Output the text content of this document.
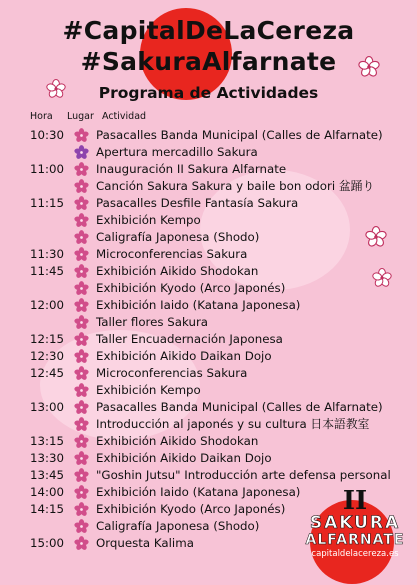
#CapitalDeLaCereza
#SakuraAlfarnate
Programa de Actividades
Hora Lugar Actividad
10:30	Pasacalles Banda Municipal (Calles de Alfarnate)
Apertura mercadillo Sakura
11:00	Inauguración II Sakura Alfarnate
Canción Sakura Sakura y baile bon odori 盆踊り
11:15	Pasacalles Desfile Fantasía Sakura
Exhibición Kempo
Caligrafía Japonesa (Shodo)
11:30	Microconferencias Sakura
11:45	Exhibición Aikido Shodokan
Exhibición Kyodo (Arco Japonés)
12:00	Exhibición Iaido (Katana Japonesa)
Taller flores Sakura
12:15	Taller Encuadernación Japonesa
12:30	Exhibición Aikido Daikan Dojo
12:45	Microconferencias Sakura
Exhibición Kempo
13:00	Pasacalles Banda Municipal (Calles de Alfarnate)
Introducción al japonés y su cultura 日本語教室
13:15	Exhibición Aikido Shodokan
13:30	Exhibición Aikido Daikan Dojo
13:45	"Goshin Jutsu" Introducción arte defensa personal
14:00	Exhibición Iaido (Katana Japonesa)
14:15	Exhibición Kyodo (Arco Japonés)
Caligrafía Japonesa (Shodo)
15:00	Orquesta Kalima
II
SAKURA
ALFARNATE
capitaldelacereza.es
